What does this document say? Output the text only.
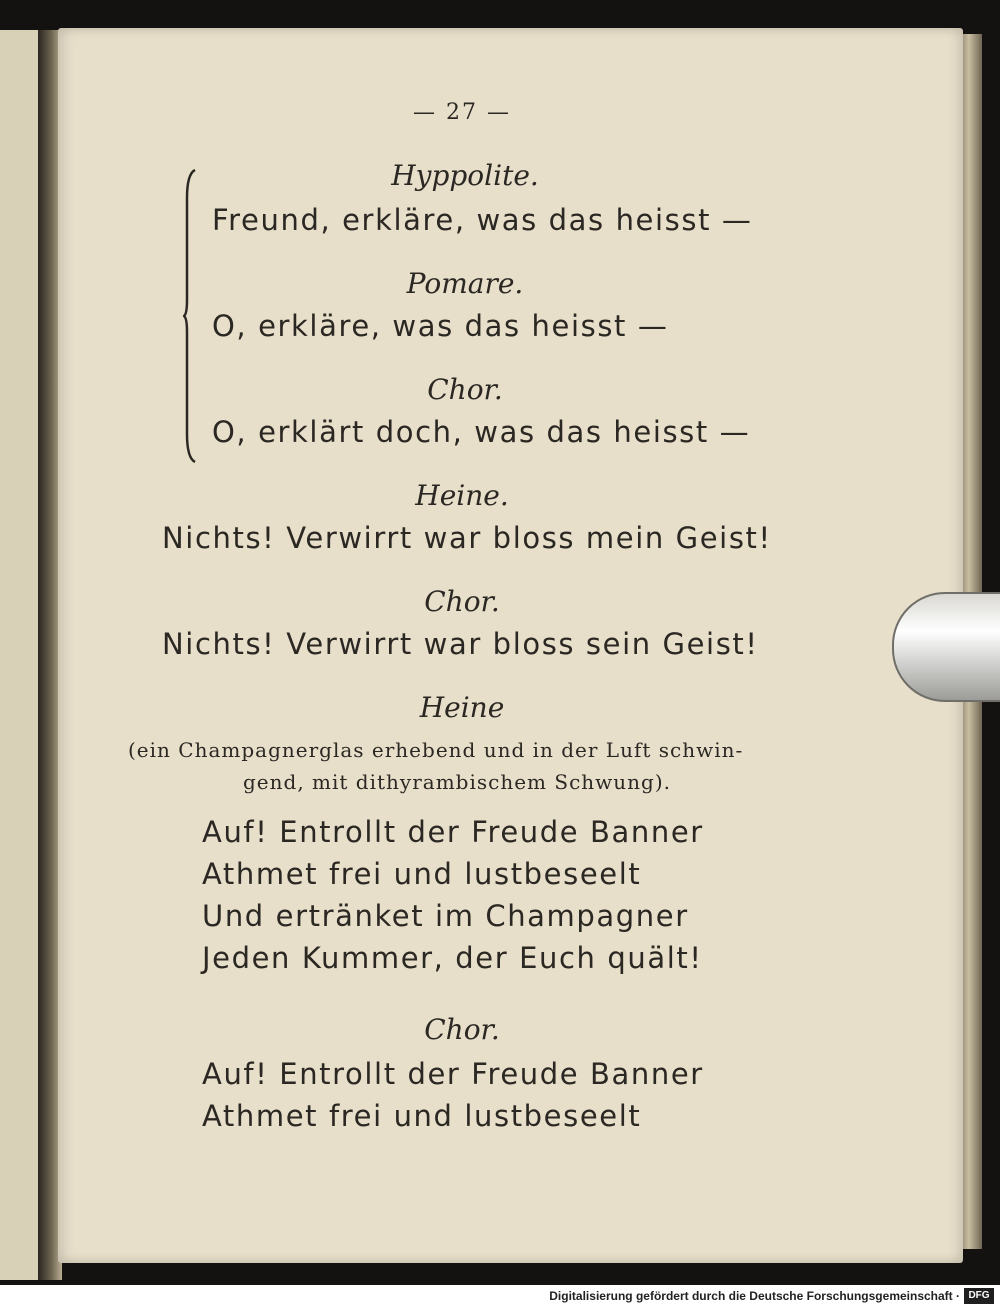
— 27 —
Hyppolite.
Freund, erkläre, was das heisst —
Pomare.
O, erkläre, was das heisst —
Chor.
O, erklärt doch, was das heisst —
Heine.
Nichts! Verwirrt war bloss mein Geist!
Chor.
Nichts! Verwirrt war bloss sein Geist!
Heine
(ein Champagnerglas erhebend und in der Luft schwin-
gend, mit dithyrambischem Schwung).
Auf! Entrollt der Freude Banner
Athmet frei und lustbeseelt
Und ertränket im Champagner
Jeden Kummer, der Euch quält!
Chor.
Auf! Entrollt der Freude Banner
Athmet frei und lustbeseelt
Digitalisierung gefördert durch die Deutsche Forschungsgemeinschaft · DFG
